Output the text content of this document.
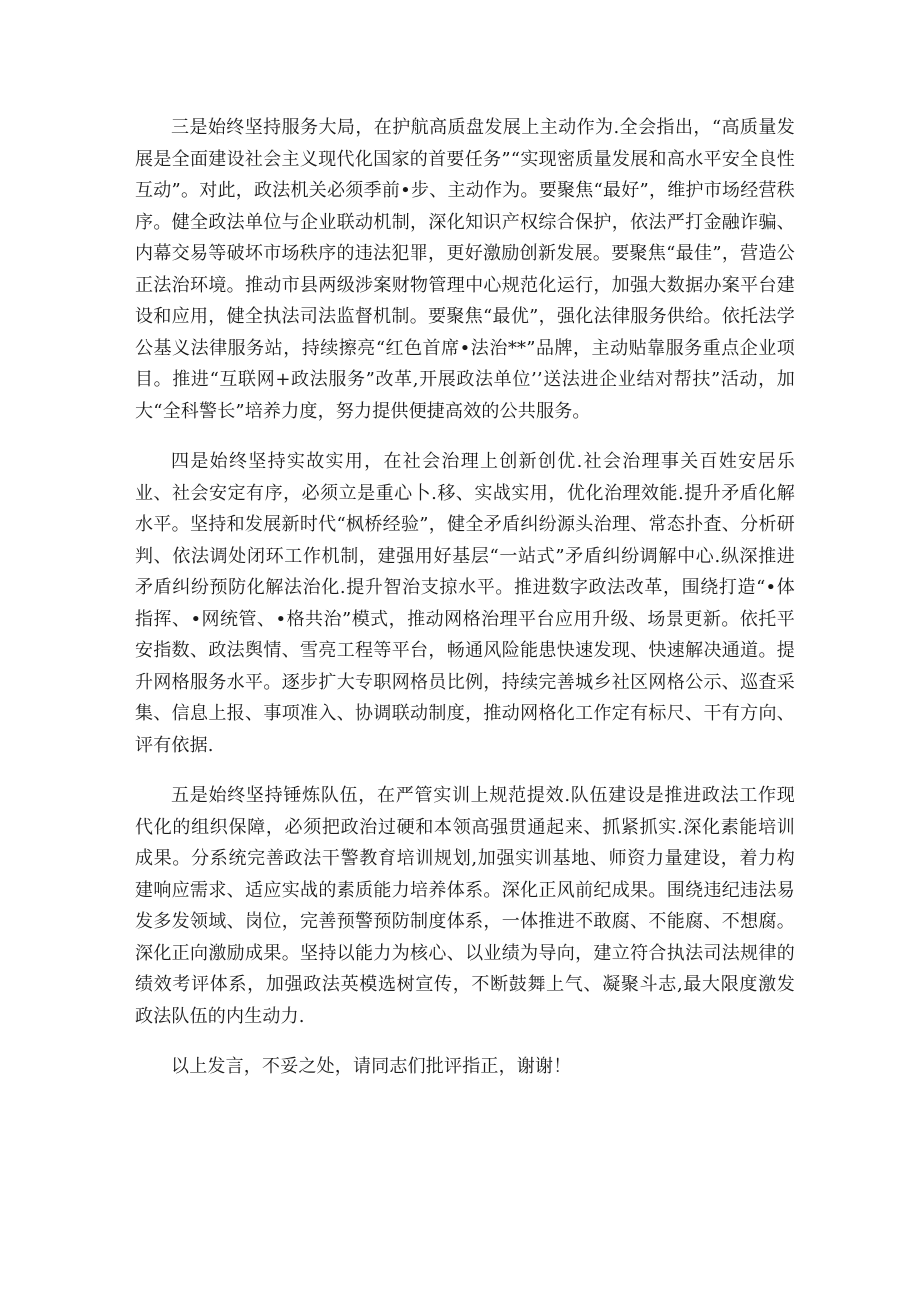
三是始终坚持服务大局，在护航高质盘发展上主动作为.全会指出，“高质量发展是全面建设社会主义现代化国家的首要任务”“实现密质量发展和高水平安全良性互动”。对此，政法机关必须季前•步、主动作为。要聚焦“最好”，维护市场经营秩序。健全政法单位与企业联动机制，深化知识产权综合保护，依法严打金融诈骗、内幕交易等破坏市场秩序的违法犯罪，更好激励创新发展。要聚焦“最佳”，营造公正法治环境。推动市县两级涉案财物管理中心规范化运行，加强大数据办案平台建设和应用，健全执法司法监督机制。要聚焦“最优”，强化法律服务供给。依托法学公基义法律服务站，持续擦亮“红色首席•法治**”品牌，主动贴靠服务重点企业项目。推进“互联网+政法服务”改革,开展政法单位’’送法进企业结对帮扶”活动，加大“全科警长”培养力度，努力提供便捷高效的公共服务。

四是始终坚持实故实用，在社会治理上创新创优.社会治理事关百姓安居乐业、社会安定有序，必须立是重心卜.移、实战实用，优化治理效能.提升矛盾化解水平。坚持和发展新时代“枫桥经验”，健全矛盾纠纷源头治理、常态扑査、分析研判、依法调处闭环工作机制，建强用好基层“一站式”矛盾纠纷调解中心.纵深推进矛盾纠纷预防化解法治化.提升智治支掠水平。推进数字政法改革，围绕打造“•体指挥、•网统管、•格共治”模式，推动网格治理平台应用升级、场景更新。依托平安指数、政法舆情、雪亮工程等平台，畅通风险能患快速发现、快速解决通道。提升网格服务水平。逐步扩大专职网格员比例，持续完善城乡社区网格公示、巡査采集、信息上报、事项准入、协调联动制度，推动网格化工作定有标尺、干有方向、评有依据.

五是始终坚持锤炼队伍，在严管实训上规范提效.队伍建设是推进政法工作现代化的组织保障，必须把政治过硬和本领高强贯通起来、抓紧抓实.深化素能培训成果。分系统完善政法干警教育培训规划,加强实训基地、师资力量建设，着力构建响应需求、适应实战的素质能力培养体系。深化正风前纪成果。围绕违纪违法易发多发领域、岗位，完善预警预防制度体系，一体推进不敢腐、不能腐、不想腐。深化正向激励成果。坚持以能力为核心、以业绩为导向，建立符合执法司法规律的绩效考评体系，加强政法英模选树宣传，不断鼓舞上气、凝聚斗志,最大限度激发政法队伍的内生动力.

以上发言，不妥之处，请同志们批评指正，谢谢！
